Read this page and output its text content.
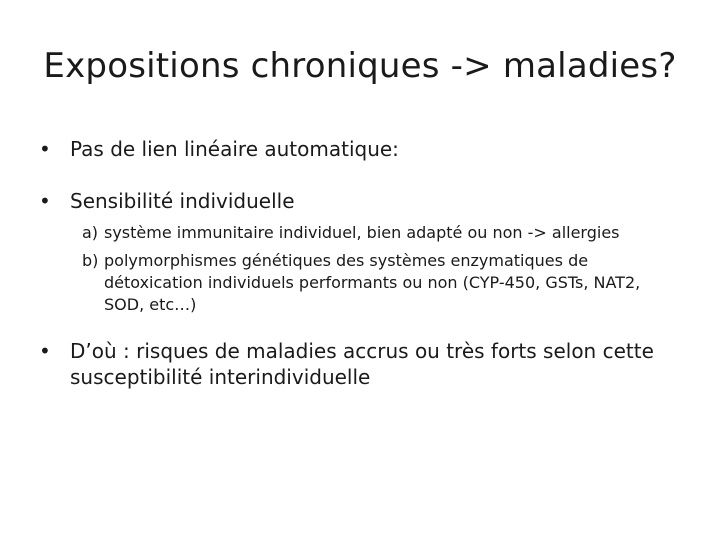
Expositions chroniques -> maladies?
• Pas de lien linéaire automatique:
• Sensibilité individuelle
a) système immunitaire individuel, bien adapté ou non -> allergies
b) polymorphismes génétiques des systèmes enzymatiques de détoxication individuels performants ou non (CYP-450, GSTs, NAT2, SOD, etc…)
• D’où : risques de maladies accrus ou très forts selon cette susceptibilité interindividuelle
